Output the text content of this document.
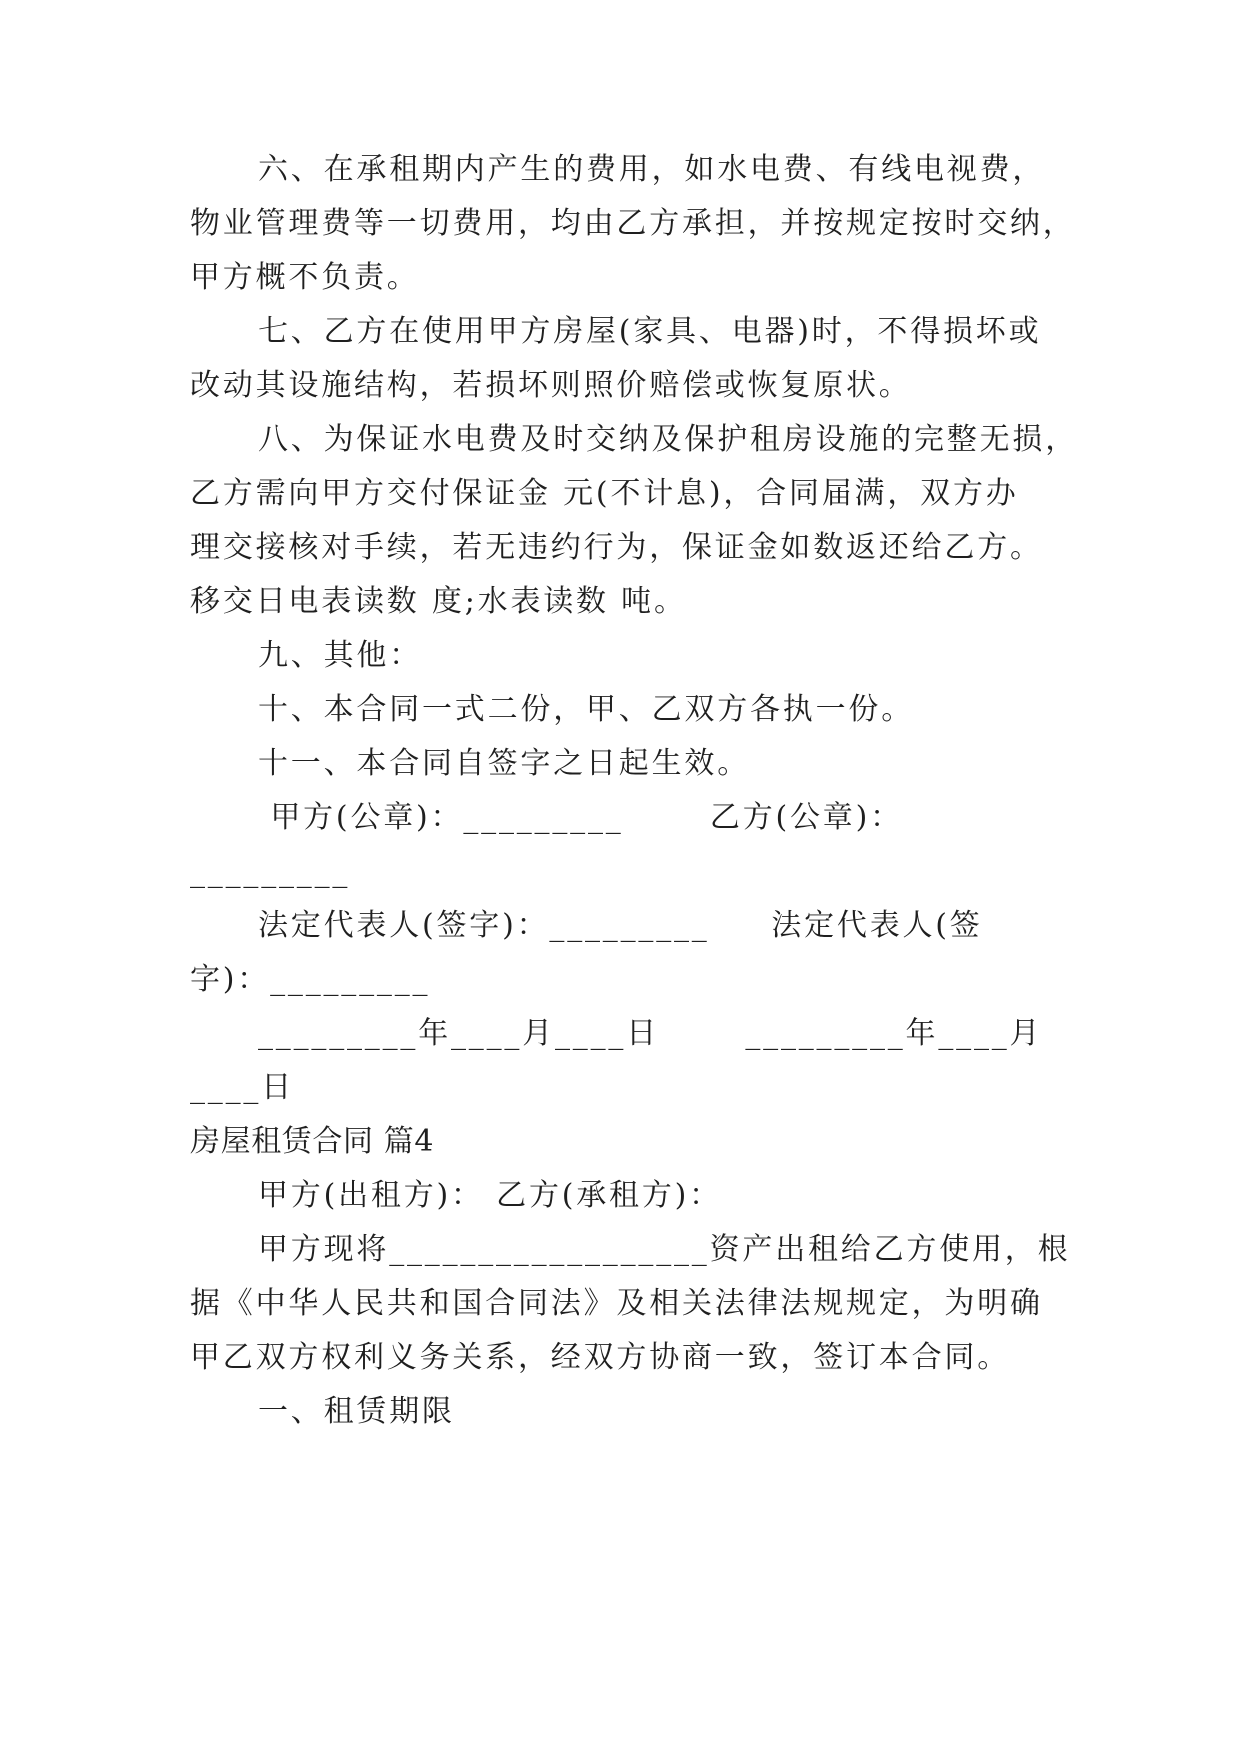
六、在承租期内产生的费用，如水电费、有线电视费，
物业管理费等一切费用，均由乙方承担，并按规定按时交纳，
甲方概不负责。
七、乙方在使用甲方房屋(家具、电器)时，不得损坏或
改动其设施结构，若损坏则照价赔偿或恢复原状。
八、为保证水电费及时交纳及保护租房设施的完整无损，
乙方需向甲方交付保证金 元(不计息)，合同届满，双方办
理交接核对手续，若无违约行为，保证金如数返还给乙方。
移交日电表读数 度;水表读数 吨。
九、其他：
十、本合同一式二份，甲、乙双方各执一份。
十一、本合同自签字之日起生效。
甲方(公章)：_________       乙方(公章)：
_________
法定代表人(签字)：_________     法定代表人(签
字)：_________
_________年____月____日       _________年____月
____日
房屋租赁合同 篇4
甲方(出租方)： 乙方(承租方)：
甲方现将__________________资产出租给乙方使用，根
据《中华人民共和国合同法》及相关法律法规规定，为明确
甲乙双方权利义务关系，经双方协商一致，签订本合同。
一、租赁期限
